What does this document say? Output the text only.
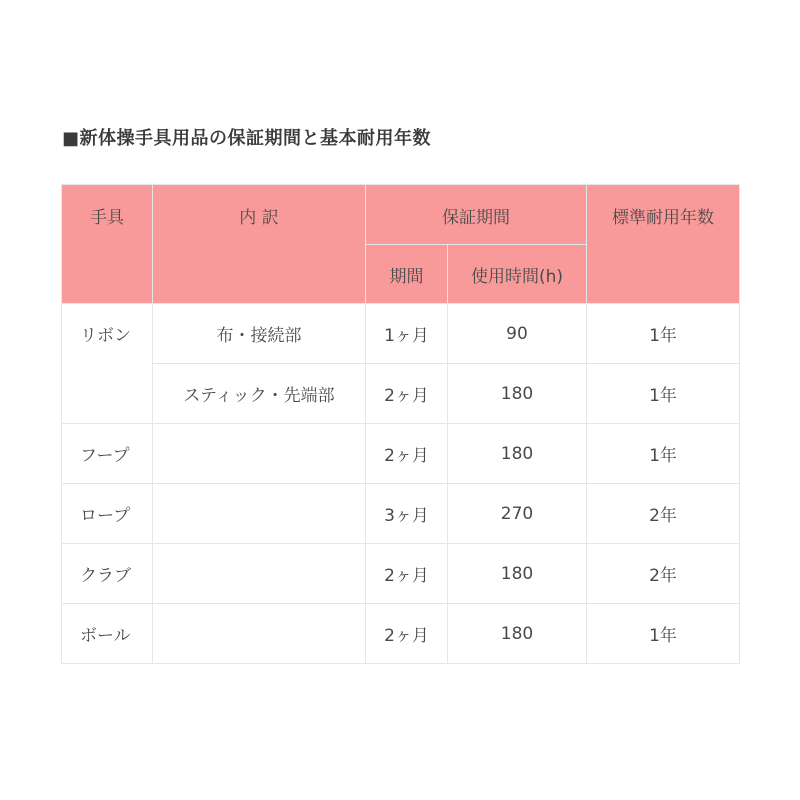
■新体操手具用品の保証期間と基本耐用年数
手具	内 訳	保証期間		標準耐用年数
		期間	使用時間(h)	
リボン	布・接続部	1ヶ月	90	1年
	スティック・先端部	2ヶ月	180	1年
フープ		2ヶ月	180	1年
ロープ		3ヶ月	270	2年
クラブ		2ヶ月	180	2年
ボール		2ヶ月	180	1年
